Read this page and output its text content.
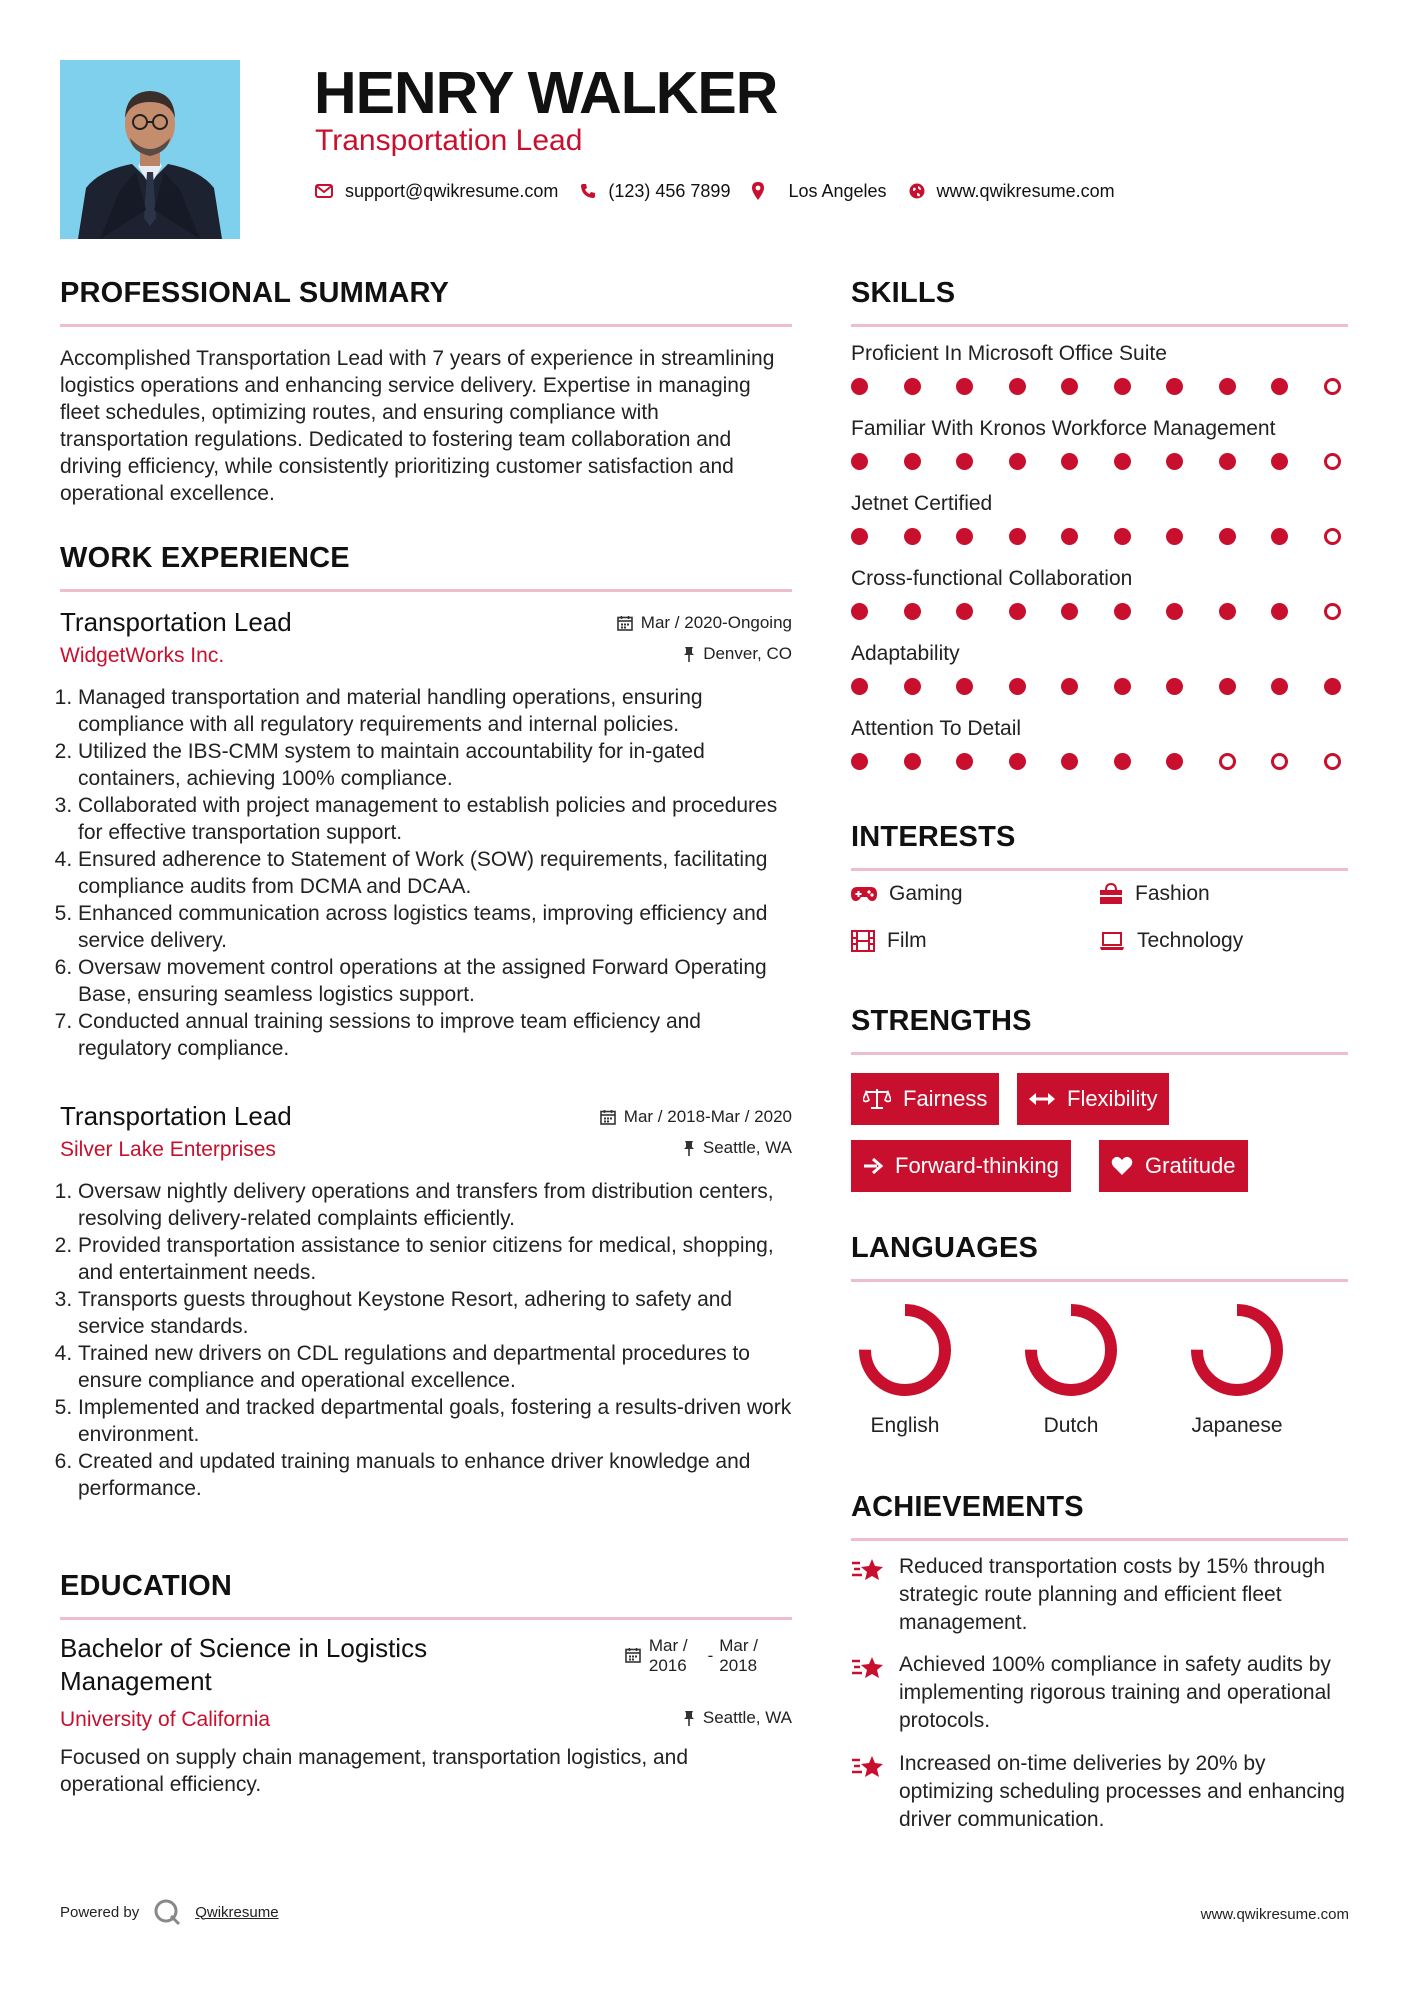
HENRY WALKER
Transportation Lead
support@qwikresume.com	(123) 456 7899	Los Angeles	www.qwikresume.com
PROFESSIONAL SUMMARY

Accomplished Transportation Lead with 7 years of experience in streamlining logistics operations and enhancing service delivery. Expertise in managing fleet schedules, optimizing routes, and ensuring compliance with transportation regulations. Dedicated to fostering team collaboration and driving efficiency, while consistently prioritizing customer satisfaction and operational excellence.

WORK EXPERIENCE
Transportation Lead	Mar / 2020-Ongoing
WidgetWorks Inc.	Denver, CO
1. Managed transportation and material handling operations, ensuring compliance with all regulatory requirements and internal policies.
2. Utilized the IBS-CMM system to maintain accountability for in-gated containers, achieving 100% compliance.
3. Collaborated with project management to establish policies and procedures for effective transportation support.
4. Ensured adherence to Statement of Work (SOW) requirements, facilitating compliance audits from DCMA and DCAA.
5. Enhanced communication across logistics teams, improving efficiency and service delivery.
6. Oversaw movement control operations at the assigned Forward Operating Base, ensuring seamless logistics support.
7. Conducted annual training sessions to improve team efficiency and regulatory compliance.
Transportation Lead	Mar / 2018-Mar / 2020
Silver Lake Enterprises	Seattle, WA
1. Oversaw nightly delivery operations and transfers from distribution centers, resolving delivery-related complaints efficiently.
2. Provided transportation assistance to senior citizens for medical, shopping, and entertainment needs.
3. Transports guests throughout Keystone Resort, adhering to safety and service standards.
4. Trained new drivers on CDL regulations and departmental procedures to ensure compliance and operational excellence.
5. Implemented and tracked departmental goals, fostering a results-driven work environment.
6. Created and updated training manuals to enhance driver knowledge and performance.
EDUCATION
Bachelor of Science in Logistics
Management
Mar /
2016
-
Mar /
2018
University of California	Seattle, WA

Focused on supply chain management, transportation logistics, and operational efficiency.

SKILLS
Proficient In Microsoft Office Suite
Familiar With Kronos Workforce Management
Jetnet Certified
Cross-functional Collaboration
Adaptability
Attention To Detail
INTERESTS
Gaming	Fashion
Film	Technology
STRENGTHS
Fairness	Flexibility
Forward-thinking	Gratitude
LANGUAGES
English	Dutch	Japanese
ACHIEVEMENTS

Reduced transportation costs by 15% through strategic route planning and efficient fleet management.

Achieved 100% compliance in safety audits by implementing rigorous training and operational protocols.

Increased on-time deliveries by 20% by optimizing scheduling processes and enhancing driver communication.

Powered by	Qwikresume	www.qwikresume.com
